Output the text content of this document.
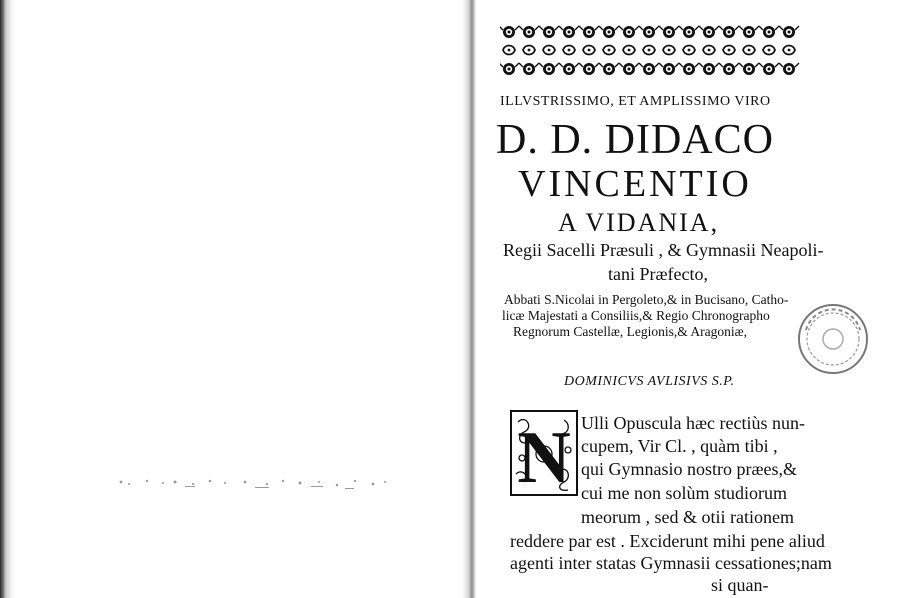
ILLVSTRISSIMO, ET AMPLISSIMO VIRO
D. D. DIDACO
VINCENTIO
A VIDANIA,
Regii Sacelli Præsuli , & Gymnasii Neapoli-
tani Præfecto,
Abbati S.Nicolai in Pergoleto,& in Bucisano, Catho-
licæ Majestati a Consiliis,& Regio Chronographo
Regnorum Castellæ, Legionis,& Aragoniæ,
DOMINICVS AVLISIVS S.P.
N Ulli Opuscula hæc rectiùs nun-
cupem, Vir Cl. , quàm tibi ,
qui Gymnasio nostro præes,&
cui me non solùm studiorum
meorum , sed & otii rationem
reddere par est . Exciderunt mihi pene aliud
agenti inter statas Gymnasii cessationes;nam
si quan-
